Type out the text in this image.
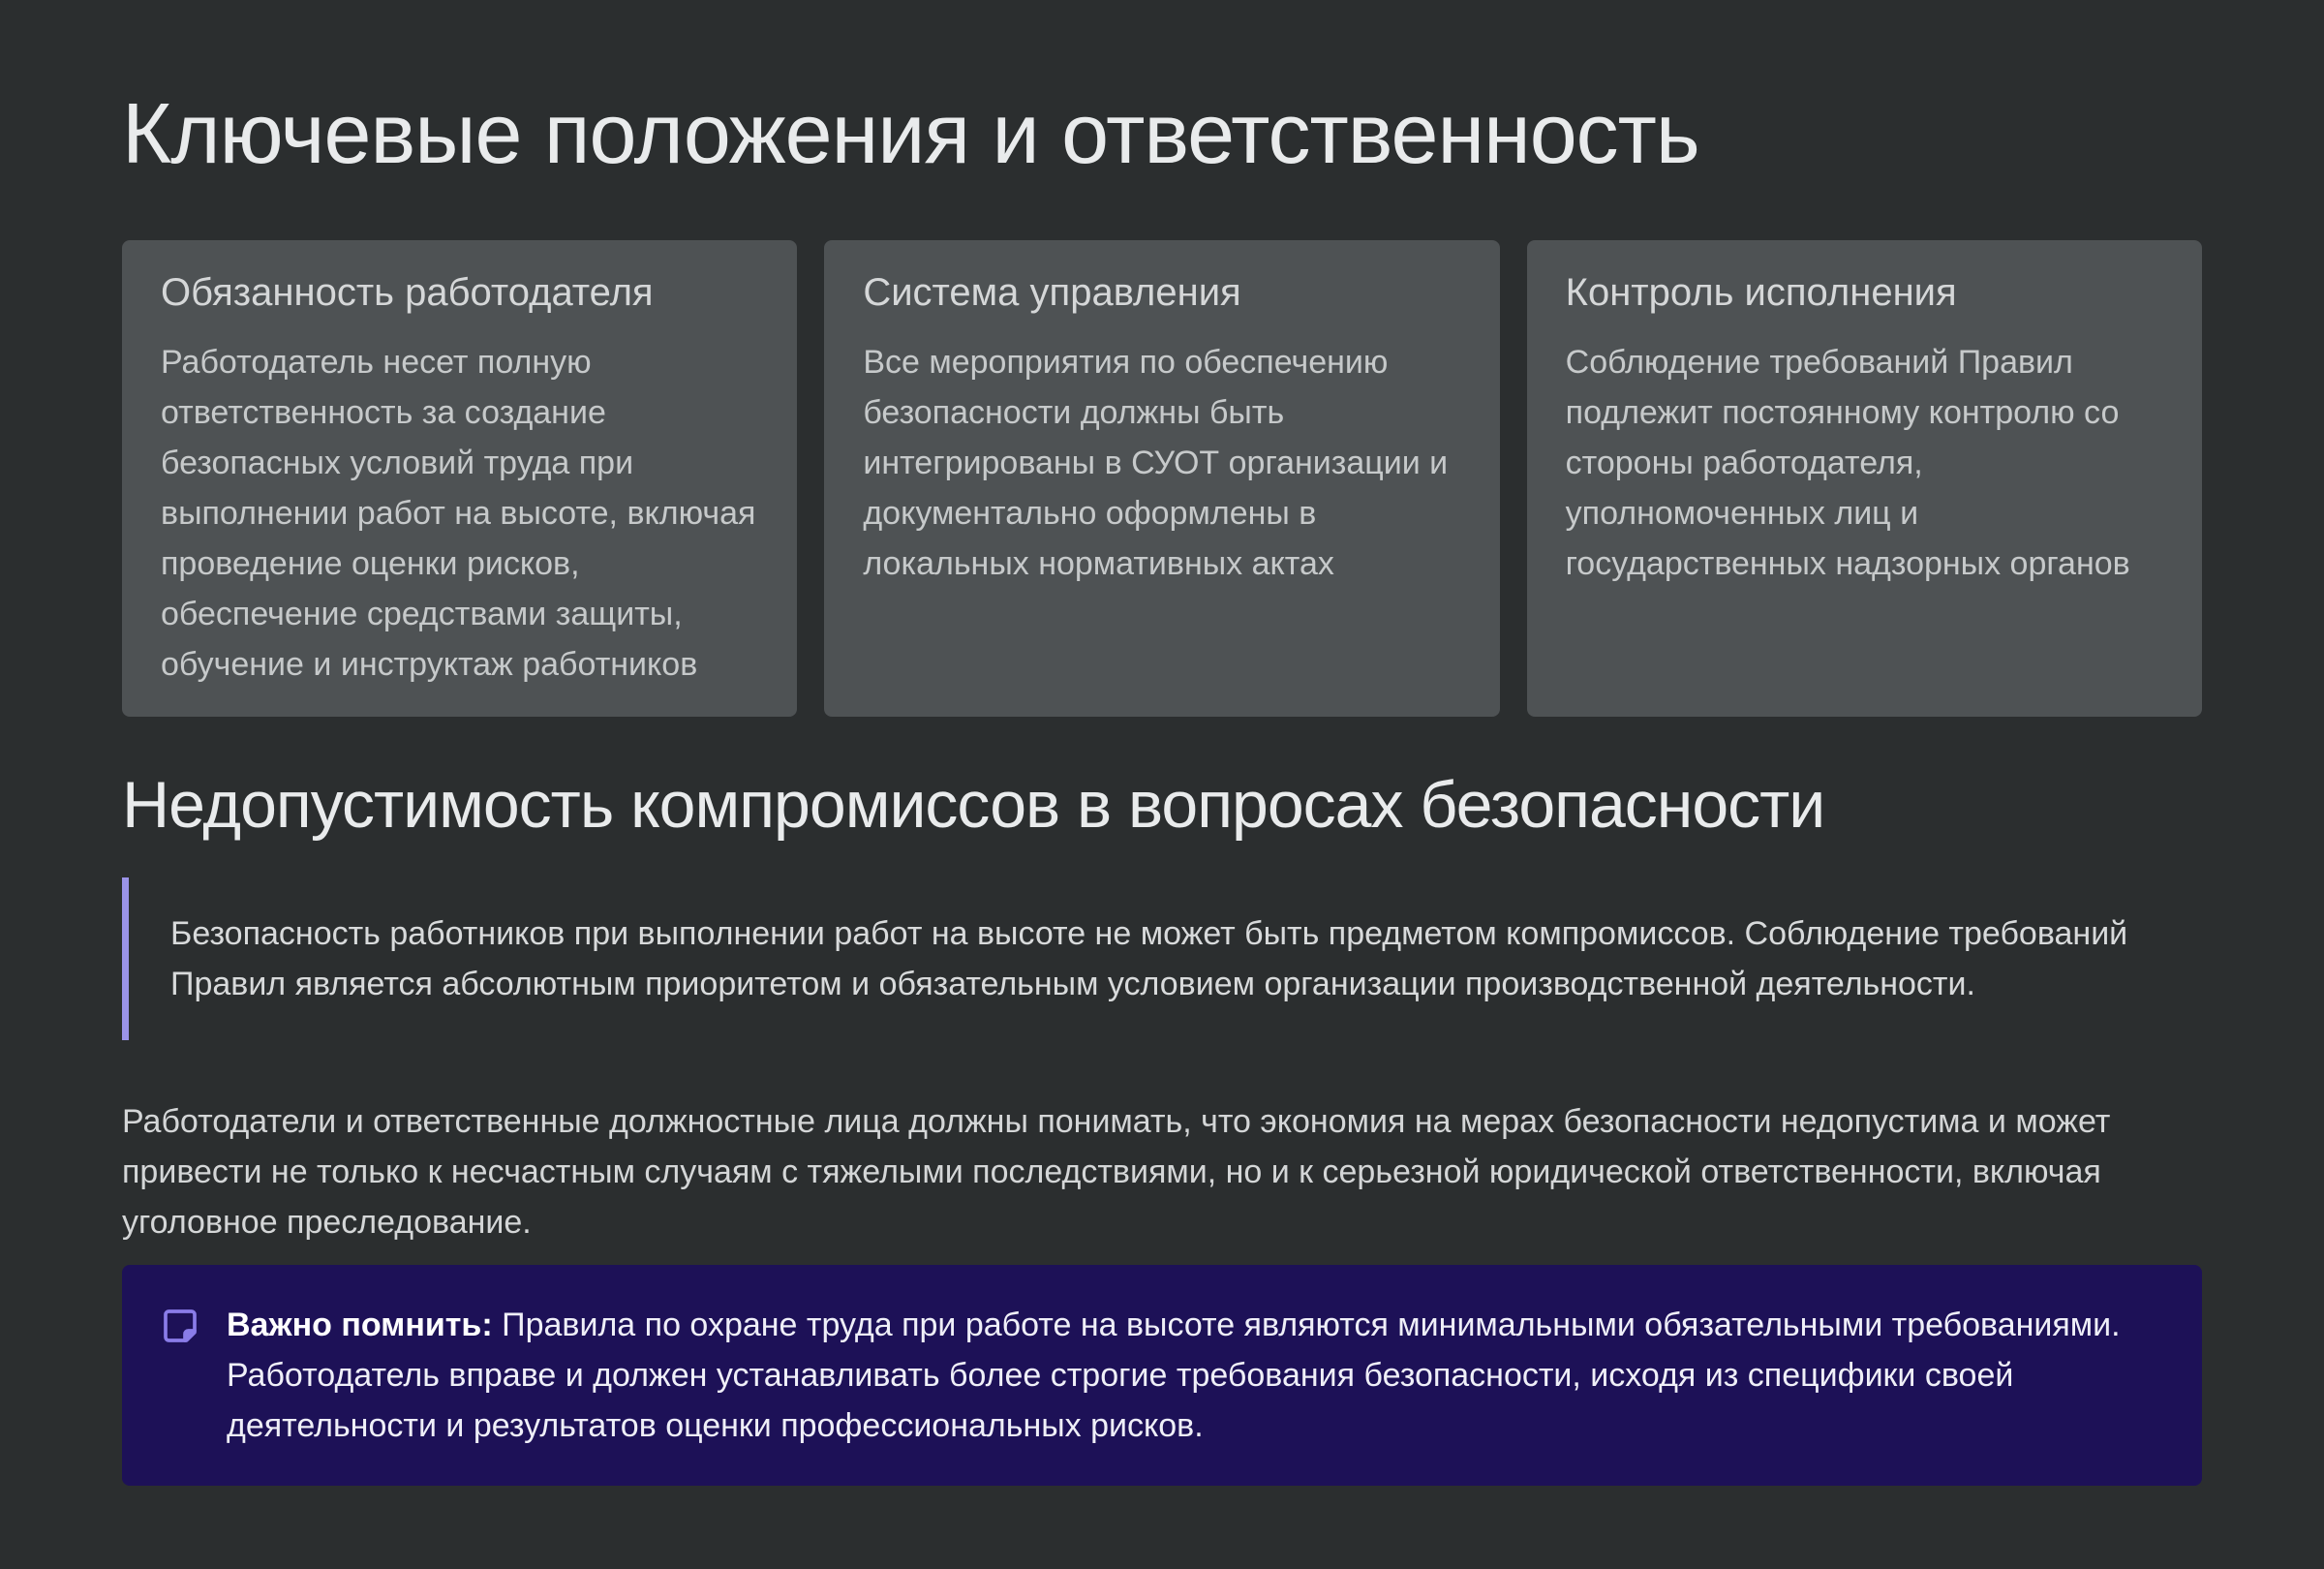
Ключевые положения и ответственность
Обязанность работодателя

Работодатель несет полную ответственность за создание безопасных условий труда при выполнении работ на высоте, включая проведение оценки рисков, обеспечение средствами защиты, обучение и инструктаж работников

Система управления

Все мероприятия по обеспечению безопасности должны быть интегрированы в СУОТ организации и документально оформлены в локальных нормативных актах

Контроль исполнения

Соблюдение требований Правил подлежит постоянному контролю со стороны работодателя, уполномоченных лиц и государственных надзорных органов

Недопустимость компромиссов в вопросах безопасности

Безопасность работников при выполнении работ на высоте не может быть предметом компромиссов. Соблюдение требований Правил является абсолютным приоритетом и обязательным условием организации производственной деятельности.

Работодатели и ответственные должностные лица должны понимать, что экономия на мерах безопасности недопустима и может привести не только к несчастным случаям с тяжелыми последствиями, но и к серьезной юридической ответственности, включая уголовное преследование.

Важно помнить: Правила по охране труда при работе на высоте являются минимальными обязательными требованиями. Работодатель вправе и должен устанавливать более строгие требования безопасности, исходя из специфики своей деятельности и результатов оценки профессиональных рисков.
